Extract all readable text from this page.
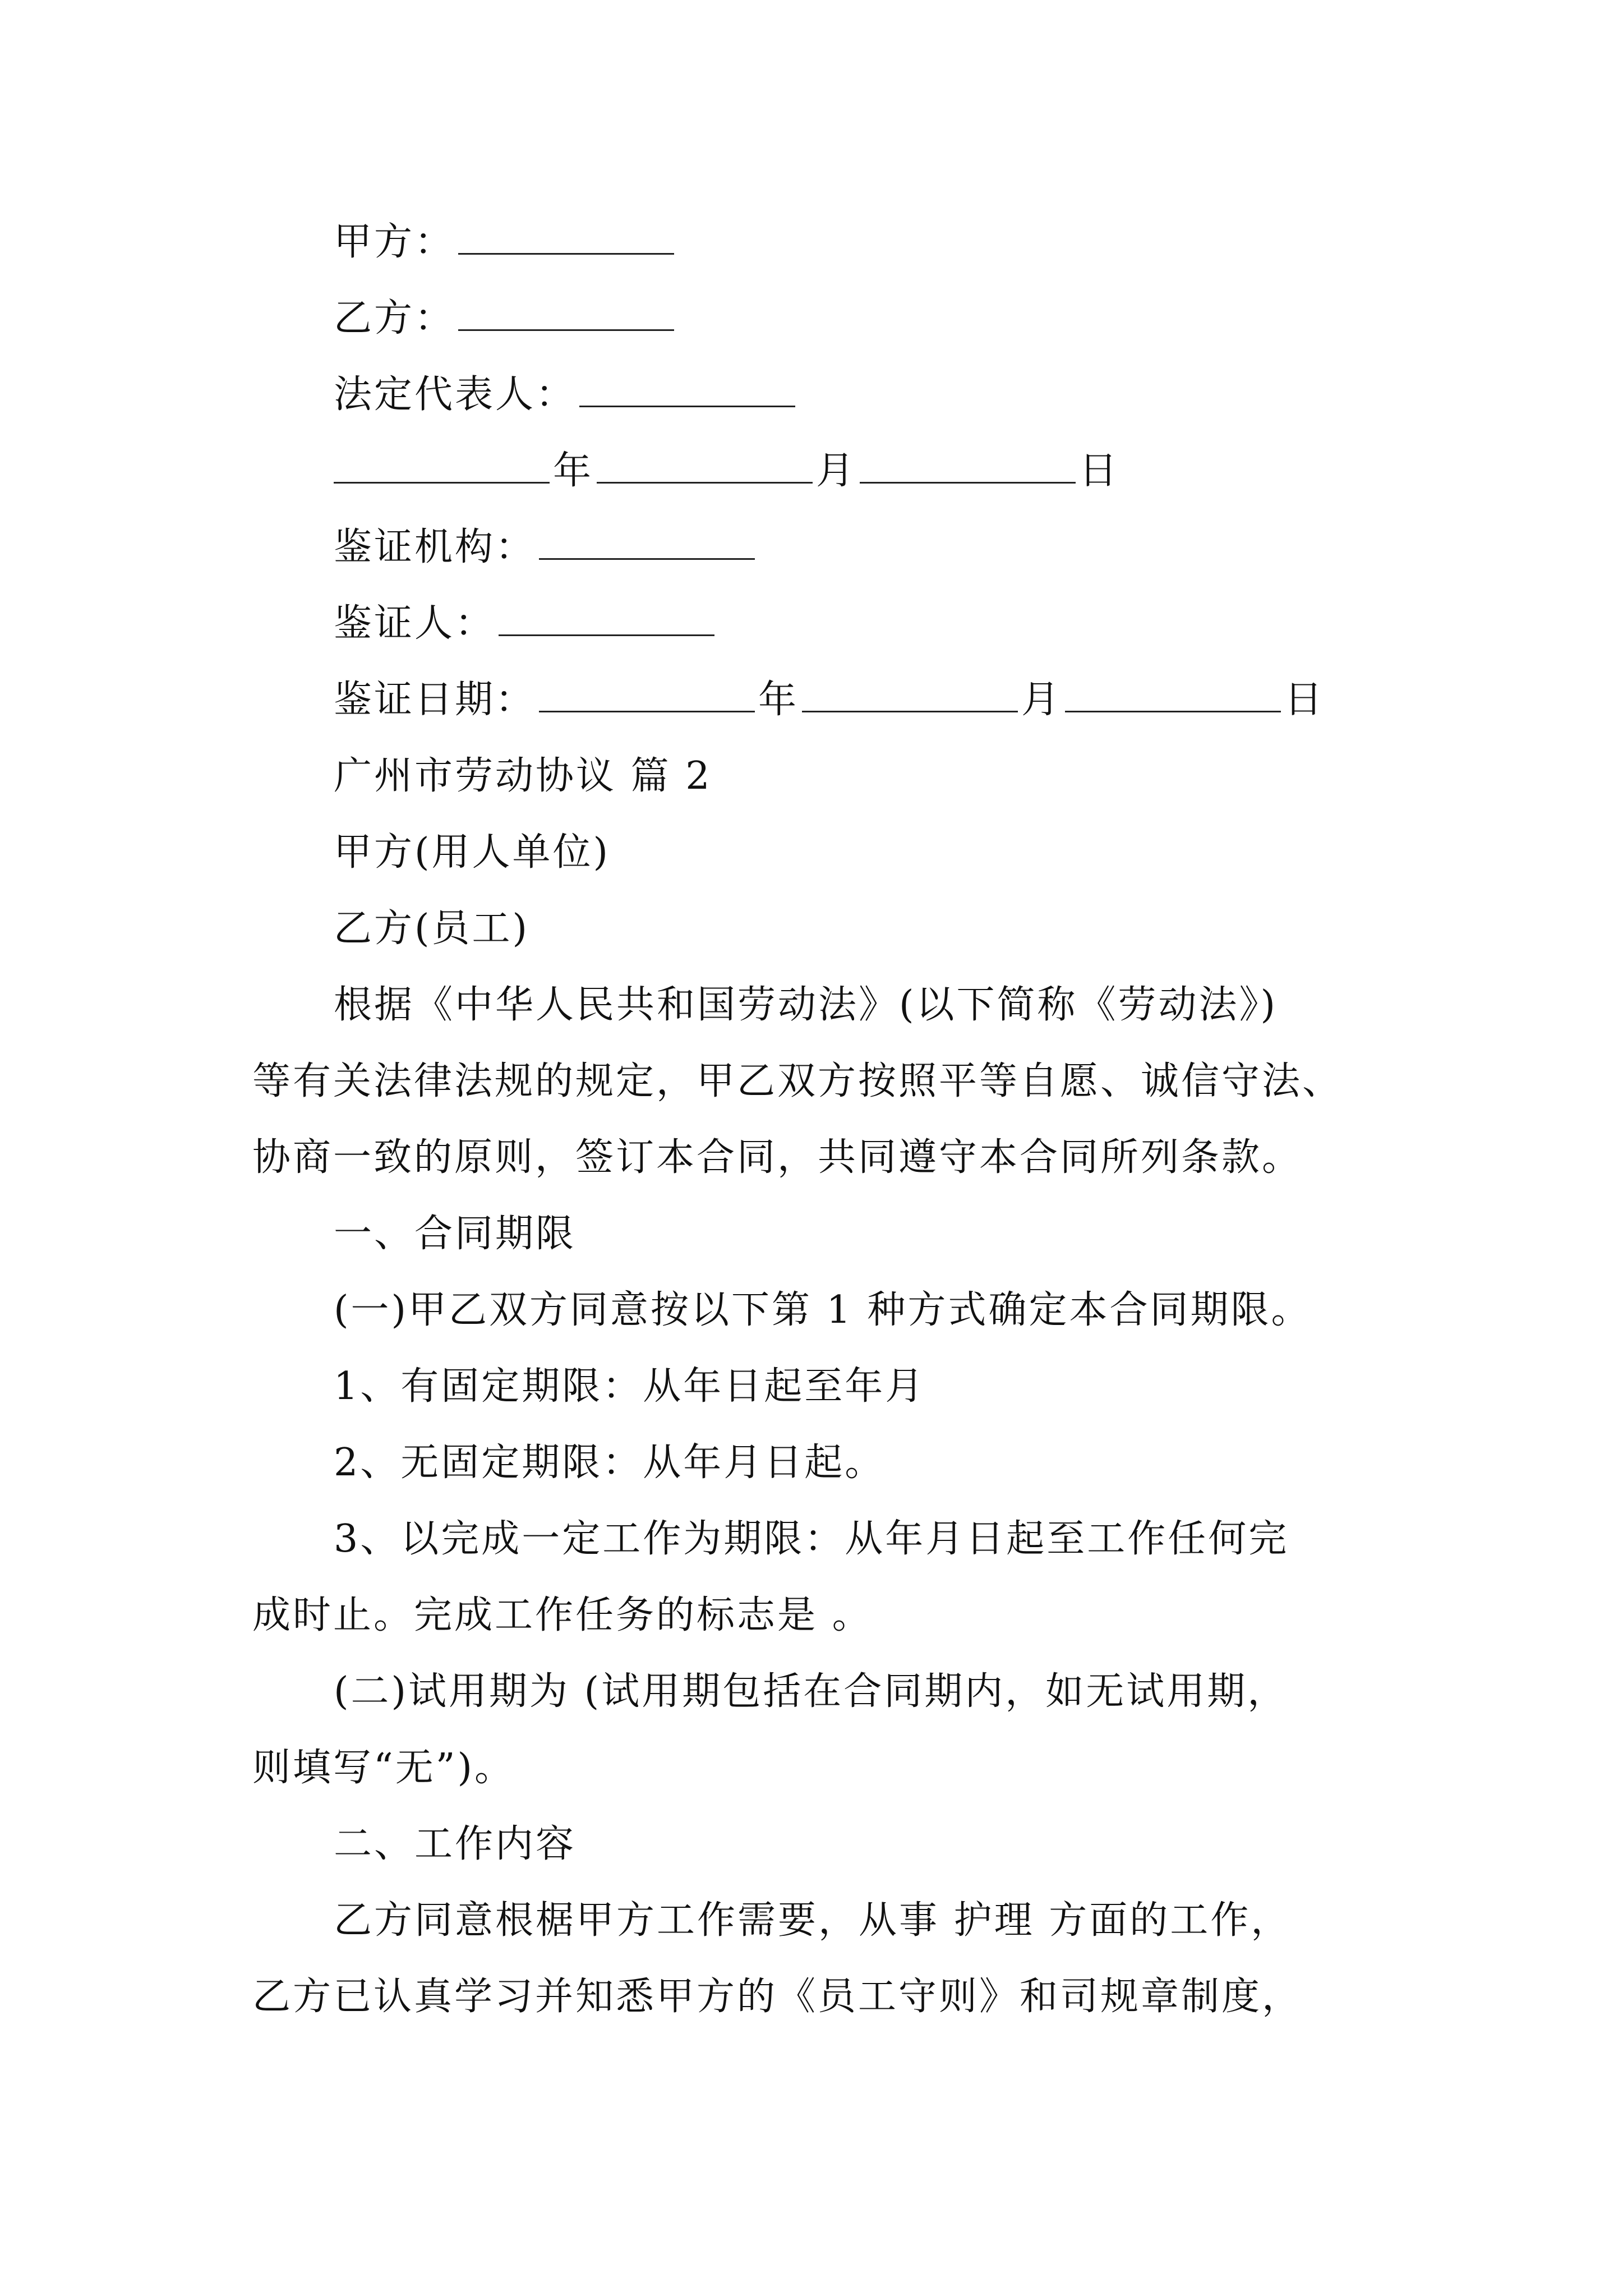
甲方：
乙方：
法定代表人：
年	月	日
鉴证机构：
鉴证人：
鉴证日期：	年	月	日
广州市劳动协议 篇 2
甲方(用人单位)
乙方(员工)
根据《中华人民共和国劳动法》(以下简称《劳动法》)
等有关法律法规的规定，甲乙双方按照平等自愿、诚信守法、
协商一致的原则，签订本合同，共同遵守本合同所列条款。
一、合同期限
(一)甲乙双方同意按以下第 1 种方式确定本合同期限。
1、有固定期限：从年日起至年月
2、无固定期限：从年月日起。
3、以完成一定工作为期限：从年月日起至工作任何完
成时止。完成工作任务的标志是 。
(二)试用期为 (试用期包括在合同期内，如无试用期，
则填写“无”)。
二、工作内容
乙方同意根椐甲方工作需要，从事 护理 方面的工作，
乙方已认真学习并知悉甲方的《员工守则》和司规章制度，
